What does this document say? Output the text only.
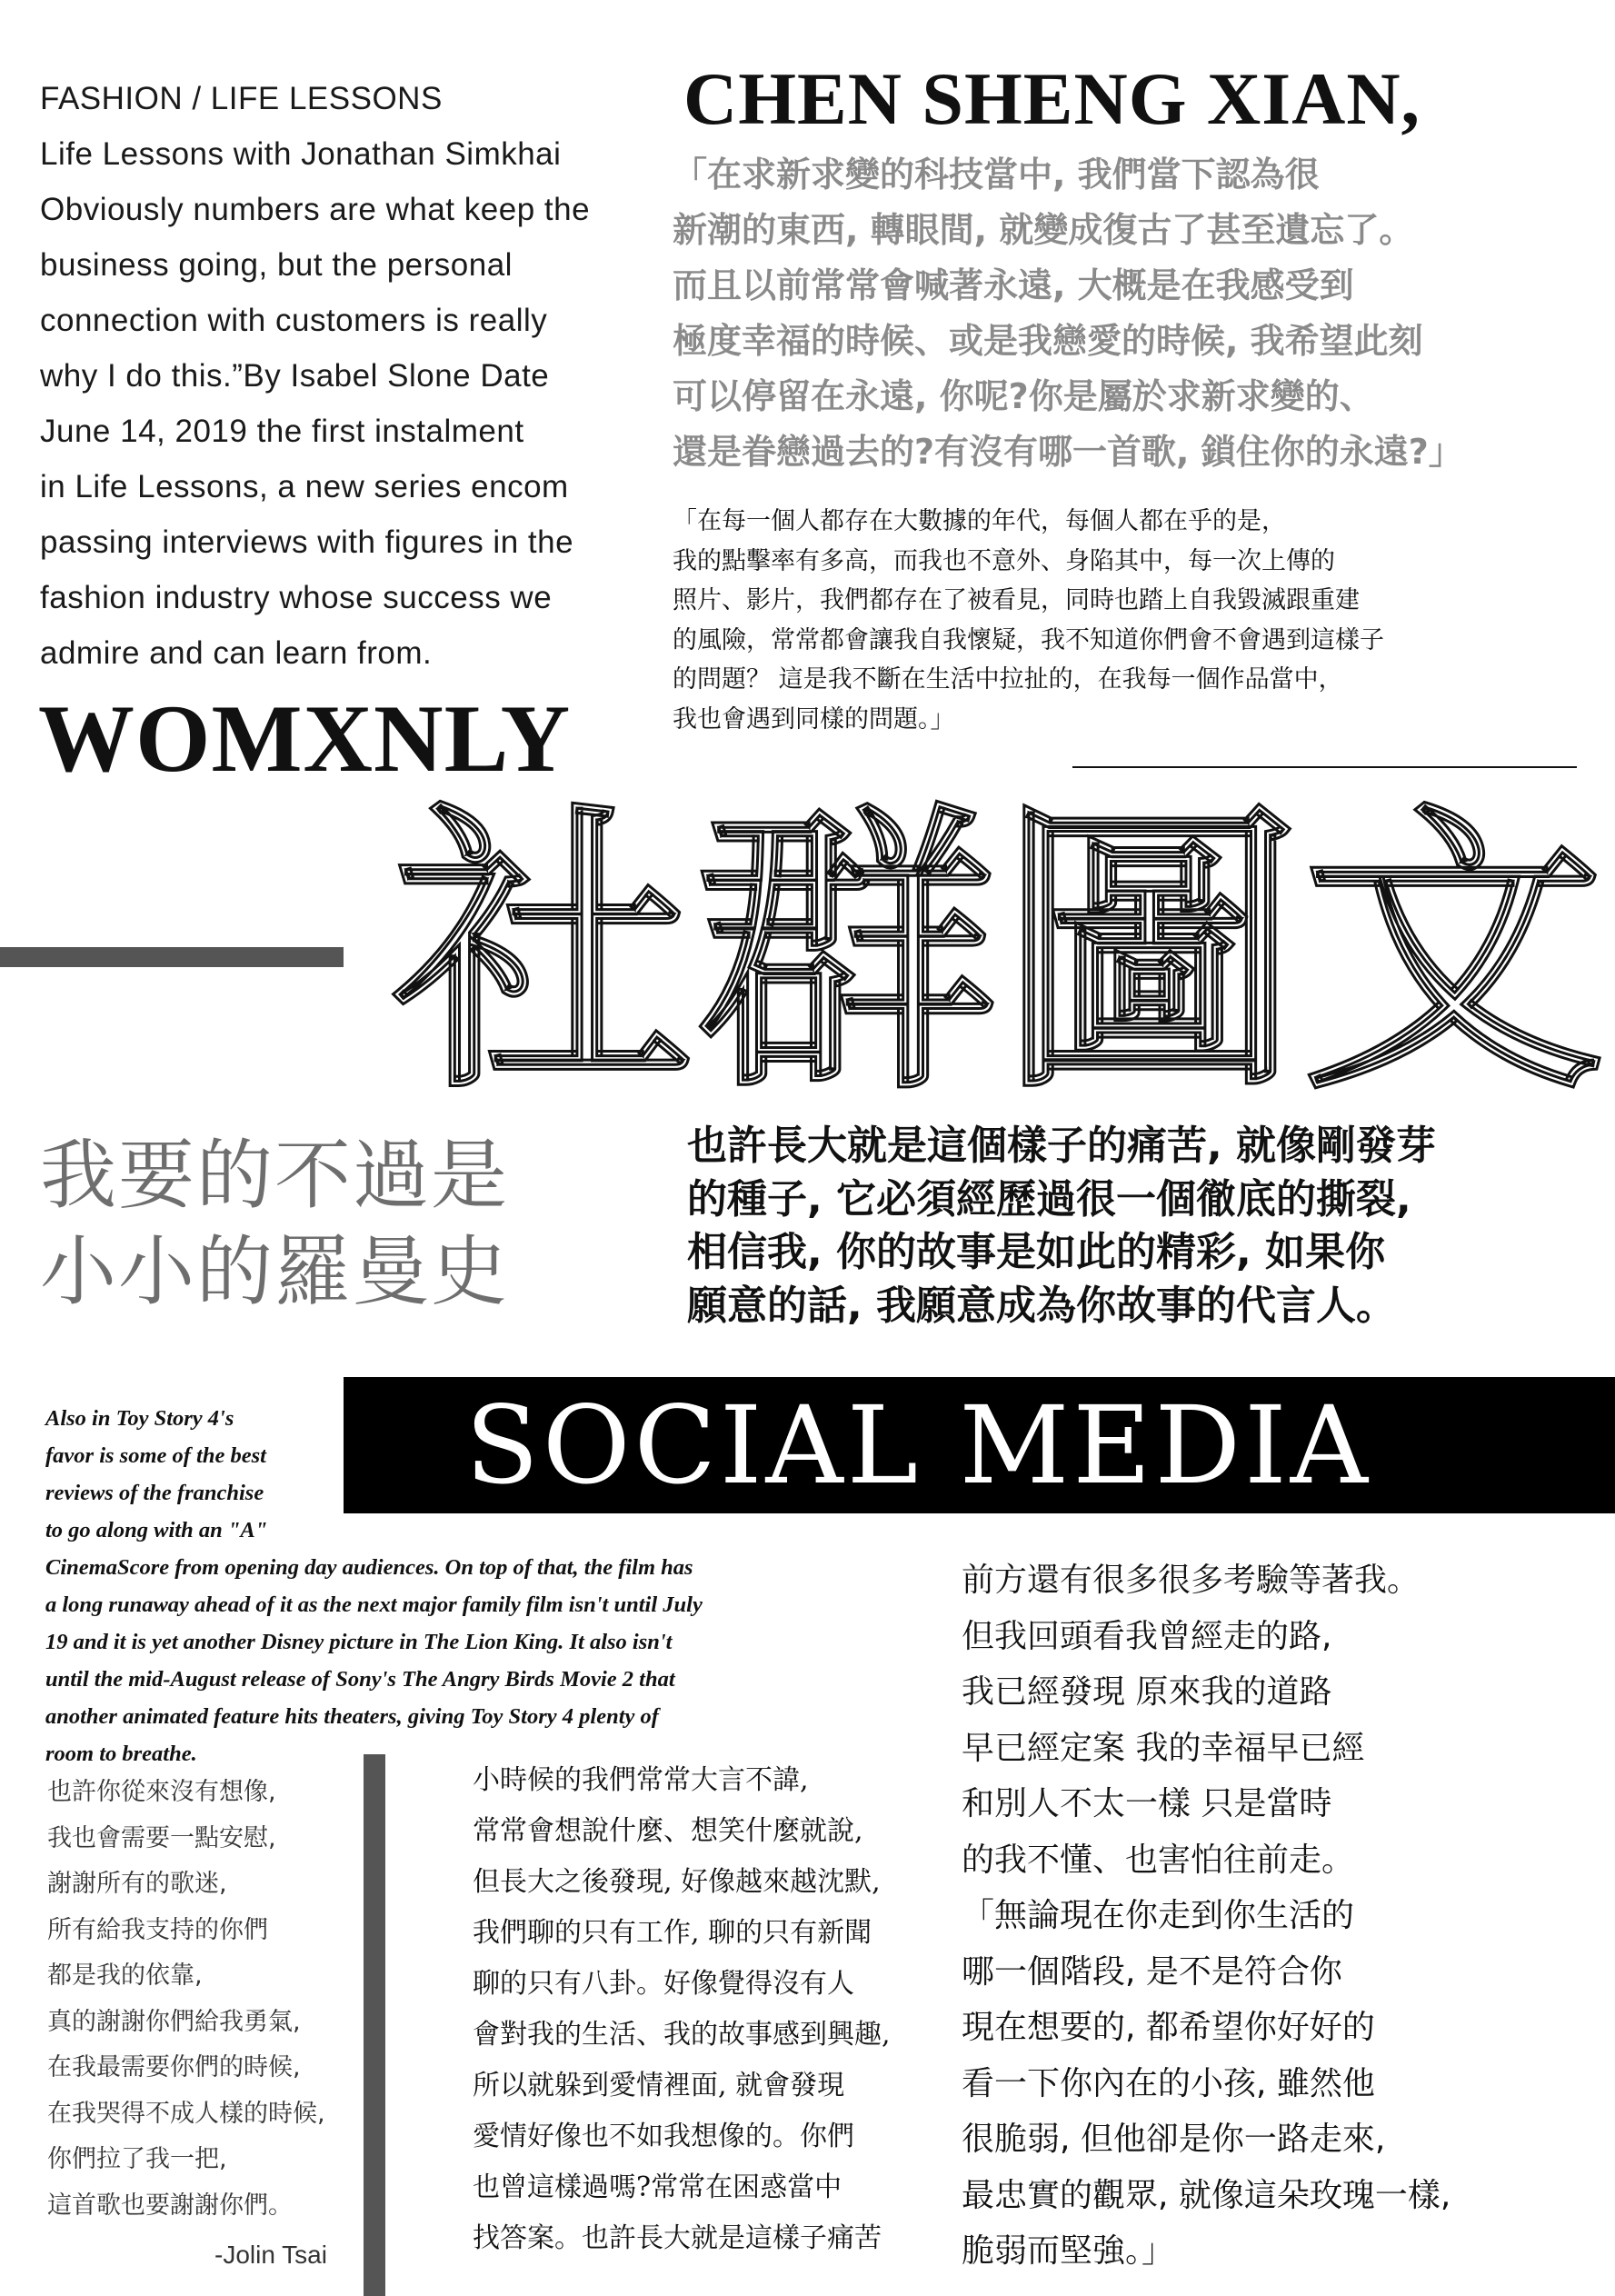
FASHION / LIFE LESSONS
Life Lessons with Jonathan Simkhai
Obviously numbers are what keep the
business going, but the personal
connection with customers is really
why I do this.”By Isabel Slone Date
June 14, 2019 the first instalment
in Life Lessons, a new series encom
passing interviews with figures in the
fashion industry whose success we
admire and can learn from.
CHEN SHENG XIAN,
「在求新求變的科技當中, 我們當下認為很
新潮的東西, 轉眼間, 就變成復古了甚至遺忘了。
而且以前常常會喊著永遠, 大概是在我感受到
極度幸福的時候、或是我戀愛的時候, 我希望此刻
可以停留在永遠, 你呢?你是屬於求新求變的、
還是眷戀過去的?有沒有哪一首歌, 鎖住你的永遠?」
「在每一個人都存在大數據的年代，每個人都在乎的是，
我的點擊率有多高，而我也不意外、身陷其中，每一次上傳的
照片、影片，我們都存在了被看見，同時也踏上自我毀滅跟重建
的風險，常常都會讓我自我懷疑，我不知道你們會不會遇到這樣子
的問題？ 這是我不斷在生活中拉扯的，在我每一個作品當中，
我也會遇到同樣的問題。」
WOMXNLY
社群圖文
我要的不過是
小小的羅曼史
也許長大就是這個樣子的痛苦, 就像剛發芽
的種子, 它必須經歷過很一個徹底的撕裂,
相信我, 你的故事是如此的精彩, 如果你
願意的話, 我願意成為你故事的代言人。
SOCIAL MEDIA
Also in Toy Story 4's
favor is some of the best
reviews of the franchise
to go along with an "A"
CinemaScore from opening day audiences. On top of that, the film has
a long runaway ahead of it as the next major family film isn't until July
19 and it is yet another Disney picture in The Lion King. It also isn't
until the mid-August release of Sony's The Angry Birds Movie 2 that
another animated feature hits theaters, giving Toy Story 4 plenty of
room to breathe.
也許你從來沒有想像,
我也會需要一點安慰,
謝謝所有的歌迷,
所有給我支持的你們
都是我的依靠,
真的謝謝你們給我勇氣,
在我最需要你們的時候,
在我哭得不成人樣的時候,
你們拉了我一把,
這首歌也要謝謝你們。
-Jolin Tsai
小時候的我們常常大言不諱,
常常會想說什麼、想笑什麼就說,
但長大之後發現, 好像越來越沈默,
我們聊的只有工作, 聊的只有新聞
聊的只有八卦。好像覺得沒有人
會對我的生活、我的故事感到興趣,
所以就躲到愛情裡面, 就會發現
愛情好像也不如我想像的。你們
也曾這樣過嗎?常常在困惑當中
找答案。也許長大就是這樣子痛苦
前方還有很多很多考驗等著我。
但我回頭看我曾經走的路,
我已經發現 原來我的道路
早已經定案 我的幸福早已經
和別人不太一樣 只是當時
的我不懂、也害怕往前走。
「無論現在你走到你生活的
哪一個階段, 是不是符合你
現在想要的, 都希望你好好的
看一下你內在的小孩, 雖然他
很脆弱, 但他卻是你一路走來,
最忠實的觀眾, 就像這朵玫瑰一樣,
脆弱而堅強。」
